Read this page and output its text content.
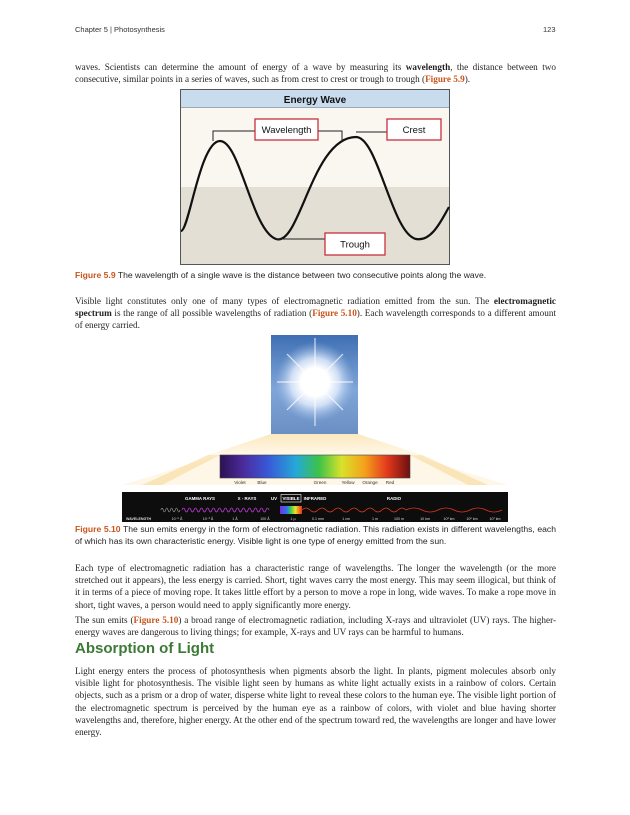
Chapter 5 | Photosynthesis	123
waves. Scientists can determine the amount of energy of a wave by measuring its wavelength, the distance between two consecutive, similar points in a series of waves, such as from crest to crest or trough to trough (Figure 5.9).
Energy Wave
Wavelength	Crest
Trough
Figure 5.9 The wavelength of a single wave is the distance between two consecutive points along the wave.
Visible light constitutes only one of many types of electromagnetic radiation emitted from the sun. The electromagnetic spectrum is the range of all possible wavelengths of radiation (Figure 5.10). Each wavelength corresponds to a different amount of energy carried.
Violet	Blue	Green	Yellow Orange Red
GAMMA RAYS	X - RAYS	UV VISIBLE INFRARED	RADIO
WAVELENGTH	10⁻⁵ Å	10⁻³ Å	1 Å	100 Å	1 µ	0.1 mm	1 cm	1 m	100 m	10 km	10³ km	10⁵ km	10⁷ km
Figure 5.10 The sun emits energy in the form of electromagnetic radiation. This radiation exists in different wavelengths, each of which has its own characteristic energy. Visible light is one type of energy emitted from the sun.
Each type of electromagnetic radiation has a characteristic range of wavelengths. The longer the wavelength (or the more stretched out it appears), the less energy is carried. Short, tight waves carry the most energy. This may seem illogical, but think of it in terms of a piece of moving rope. It takes little effort by a person to move a rope in long, wide waves. To make a rope move in short, tight waves, a person would need to apply significantly more energy.
The sun emits (Figure 5.10) a broad range of electromagnetic radiation, including X-rays and ultraviolet (UV) rays. The higher-energy waves are dangerous to living things; for example, X-rays and UV rays can be harmful to humans.
Absorption of Light
Light energy enters the process of photosynthesis when pigments absorb the light. In plants, pigment molecules absorb only visible light for photosynthesis. The visible light seen by humans as white light actually exists in a rainbow of colors. Certain objects, such as a prism or a drop of water, disperse white light to reveal these colors to the human eye. The visible light portion of the electromagnetic spectrum is perceived by the human eye as a rainbow of colors, with violet and blue having shorter wavelengths and, therefore, higher energy. At the other end of the spectrum toward red, the wavelengths are longer and have lower energy.
